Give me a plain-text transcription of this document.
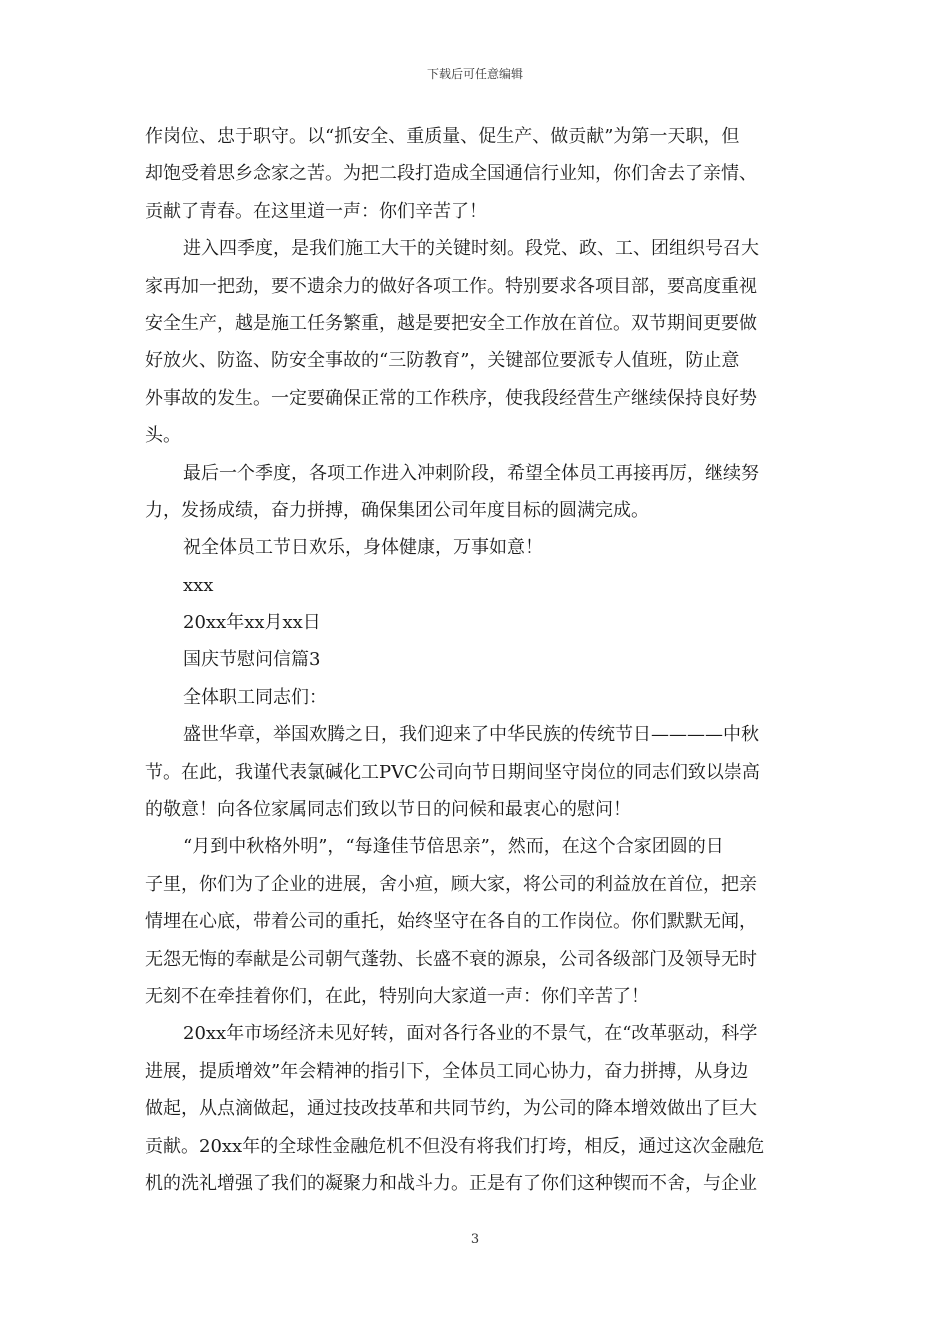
下载后可任意编辑
作岗位、忠于职守。以“抓安全、重质量、促生产、做贡献”为第一天职，但
却饱受着思乡念家之苦。为把二段打造成全国通信行业知，你们舍去了亲情、
贡献了青春。在这里道一声：你们辛苦了！
进入四季度，是我们施工大干的关键时刻。段党、政、工、团组织号召大
家再加一把劲，要不遗余力的做好各项工作。特别要求各项目部，要高度重视
安全生产，越是施工任务繁重，越是要把安全工作放在首位。双节期间更要做
好放火、防盗、防安全事故的“三防教育”，关键部位要派专人值班，防止意
外事故的发生。一定要确保正常的工作秩序，使我段经营生产继续保持良好势
头。
最后一个季度，各项工作进入冲刺阶段，希望全体员工再接再厉，继续努
力，发扬成绩，奋力拼搏，确保集团公司年度目标的圆满完成。
祝全体员工节日欢乐，身体健康，万事如意！
xxx
20xx年xx月xx日
国庆节慰问信篇3
全体职工同志们：
盛世华章，举国欢腾之日，我们迎来了中华民族的传统节日————中秋
节。在此，我谨代表氯碱化工PVC公司向节日期间坚守岗位的同志们致以崇高
的敬意！向各位家属同志们致以节日的问候和最衷心的慰问！
“月到中秋格外明”，“每逢佳节倍思亲”，然而，在这个合家团圆的日
子里，你们为了企业的进展，舍小疸，顾大家，将公司的利益放在首位，把亲
情埋在心底，带着公司的重托，始终坚守在各自的工作岗位。你们默默无闻，
无怨无悔的奉献是公司朝气蓬勃、长盛不衰的源泉，公司各级部门及领导无时
无刻不在牵挂着你们，在此，特别向大家道一声：你们辛苦了！
20xx年市场经济未见好转，面对各行各业的不景气，在“改革驱动，科学
进展，提质增效”年会精神的指引下，全体员工同心协力，奋力拼搏，从身边
做起，从点滴做起，通过技改技革和共同节约，为公司的降本增效做出了巨大
贡献。20xx年的全球性金融危机不但没有将我们打垮，相反，通过这次金融危
机的洗礼增强了我们的凝聚力和战斗力。正是有了你们这种锲而不舍，与企业
3
